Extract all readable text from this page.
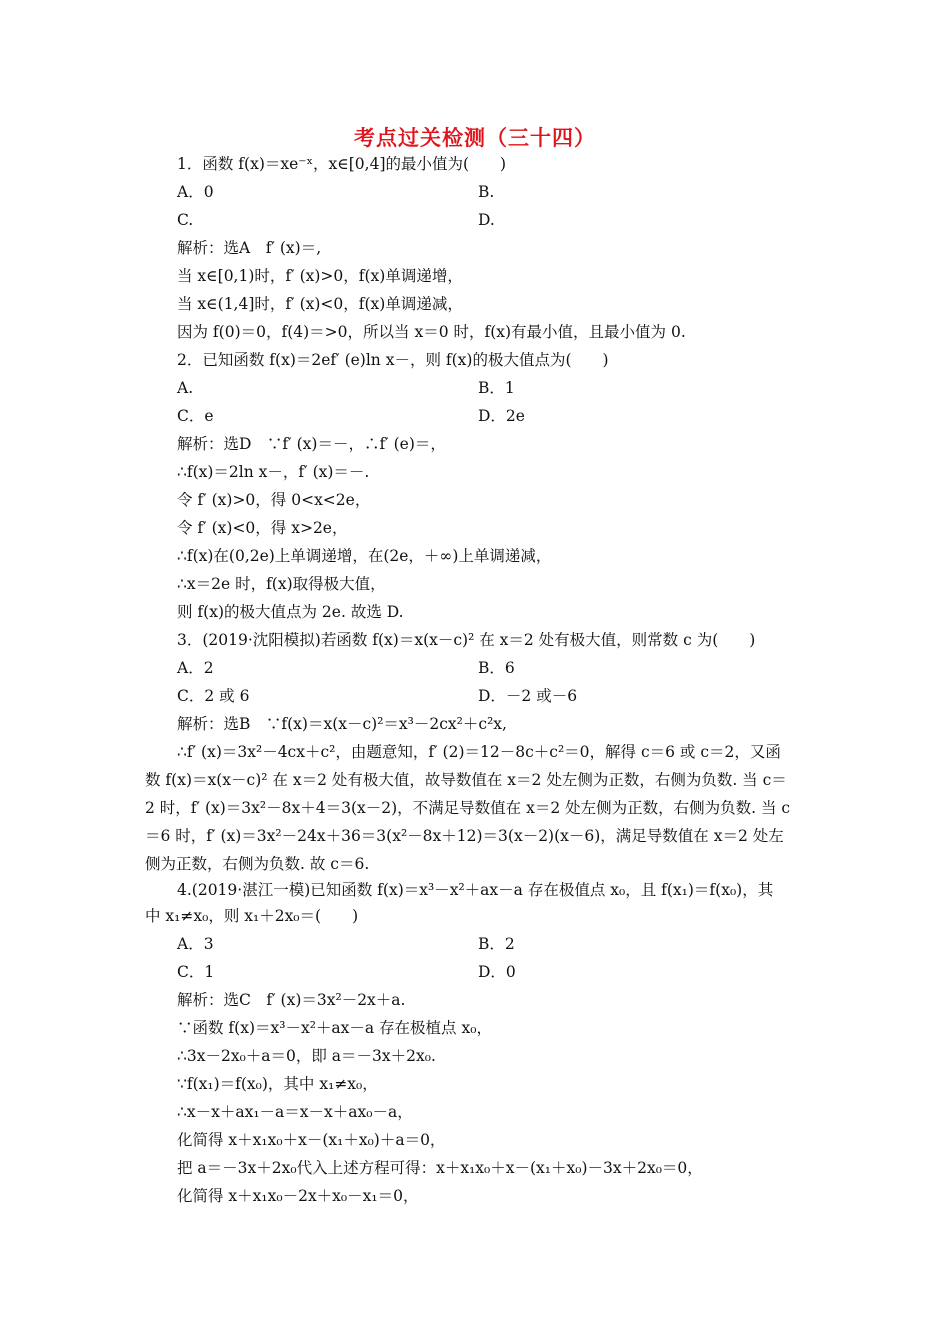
考点过关检测（三十四）
1．函数 f(x)＝xe⁻ˣ，x∈[0,4]的最小值为(　　)
A．0	B.
C.	D.
解析：选A　f′ (x)＝,
当 x∈[0,1)时，f′ (x)>0，f(x)单调递增，
当 x∈(1,4]时，f′ (x)<0，f(x)单调递减，
因为 f(0)＝0，f(4)＝>0，所以当 x＝0 时，f(x)有最小值，且最小值为 0.
2．已知函数 f(x)＝2ef′ (e)ln x－，则 f(x)的极大值点为(　　)
A.	B．1
C．e	D．2e
解析：选D　∵f′ (x)＝－，∴f′ (e)＝，
∴f(x)＝2ln x－，f′ (x)＝－.
令 f′ (x)>0，得 0<x<2e，
令 f′ (x)<0，得 x>2e，
∴f(x)在(0,2e)上单调递增，在(2e，＋∞)上单调递减，
∴x＝2e 时，f(x)取得极大值，
则 f(x)的极大值点为 2e. 故选 D.
3．(2019·沈阳模拟)若函数 f(x)＝x(x－c)² 在 x＝2 处有极大值，则常数 c 为(　　)
A．2	B．6
C．2 或 6	D．－2 或－6
解析：选B　∵f(x)＝x(x－c)²＝x³－2cx²＋c²x,
∴f′ (x)＝3x²－4cx＋c²，由题意知，f′ (2)＝12－8c＋c²＝0，解得 c＝6 或 c＝2，又函
数 f(x)＝x(x－c)² 在 x＝2 处有极大值，故导数值在 x＝2 处左侧为正数，右侧为负数. 当 c＝
2 时，f′ (x)＝3x²－8x＋4＝3(x－2)，不满足导数值在 x＝2 处左侧为正数，右侧为负数. 当 c
＝6 时，f′ (x)＝3x²－24x＋36＝3(x²－8x＋12)＝3(x－2)(x－6)，满足导数值在 x＝2 处左
侧为正数，右侧为负数. 故 c＝6.
4.(2019·湛江一模)已知函数 f(x)＝x³－x²＋ax－a 存在极值点 x₀，且 f(x₁)＝f(x₀)，其
中 x₁≠x₀，则 x₁＋2x₀＝(　　)
A．3	B．2
C．1	D．0
解析：选C　f′ (x)＝3x²－2x＋a.
∵函数 f(x)＝x³－x²＋ax－a 存在极植点 x₀，
∴3x－2x₀＋a＝0，即 a＝－3x＋2x₀.
∵f(x₁)＝f(x₀)，其中 x₁≠x₀，
∴x－x＋ax₁－a＝x－x＋ax₀－a，
化简得 x＋x₁x₀＋x－(x₁＋x₀)＋a＝0，
把 a＝－3x＋2x₀代入上述方程可得：x＋x₁x₀＋x－(x₁＋x₀)－3x＋2x₀＝0，
化简得 x＋x₁x₀－2x＋x₀－x₁＝0，
